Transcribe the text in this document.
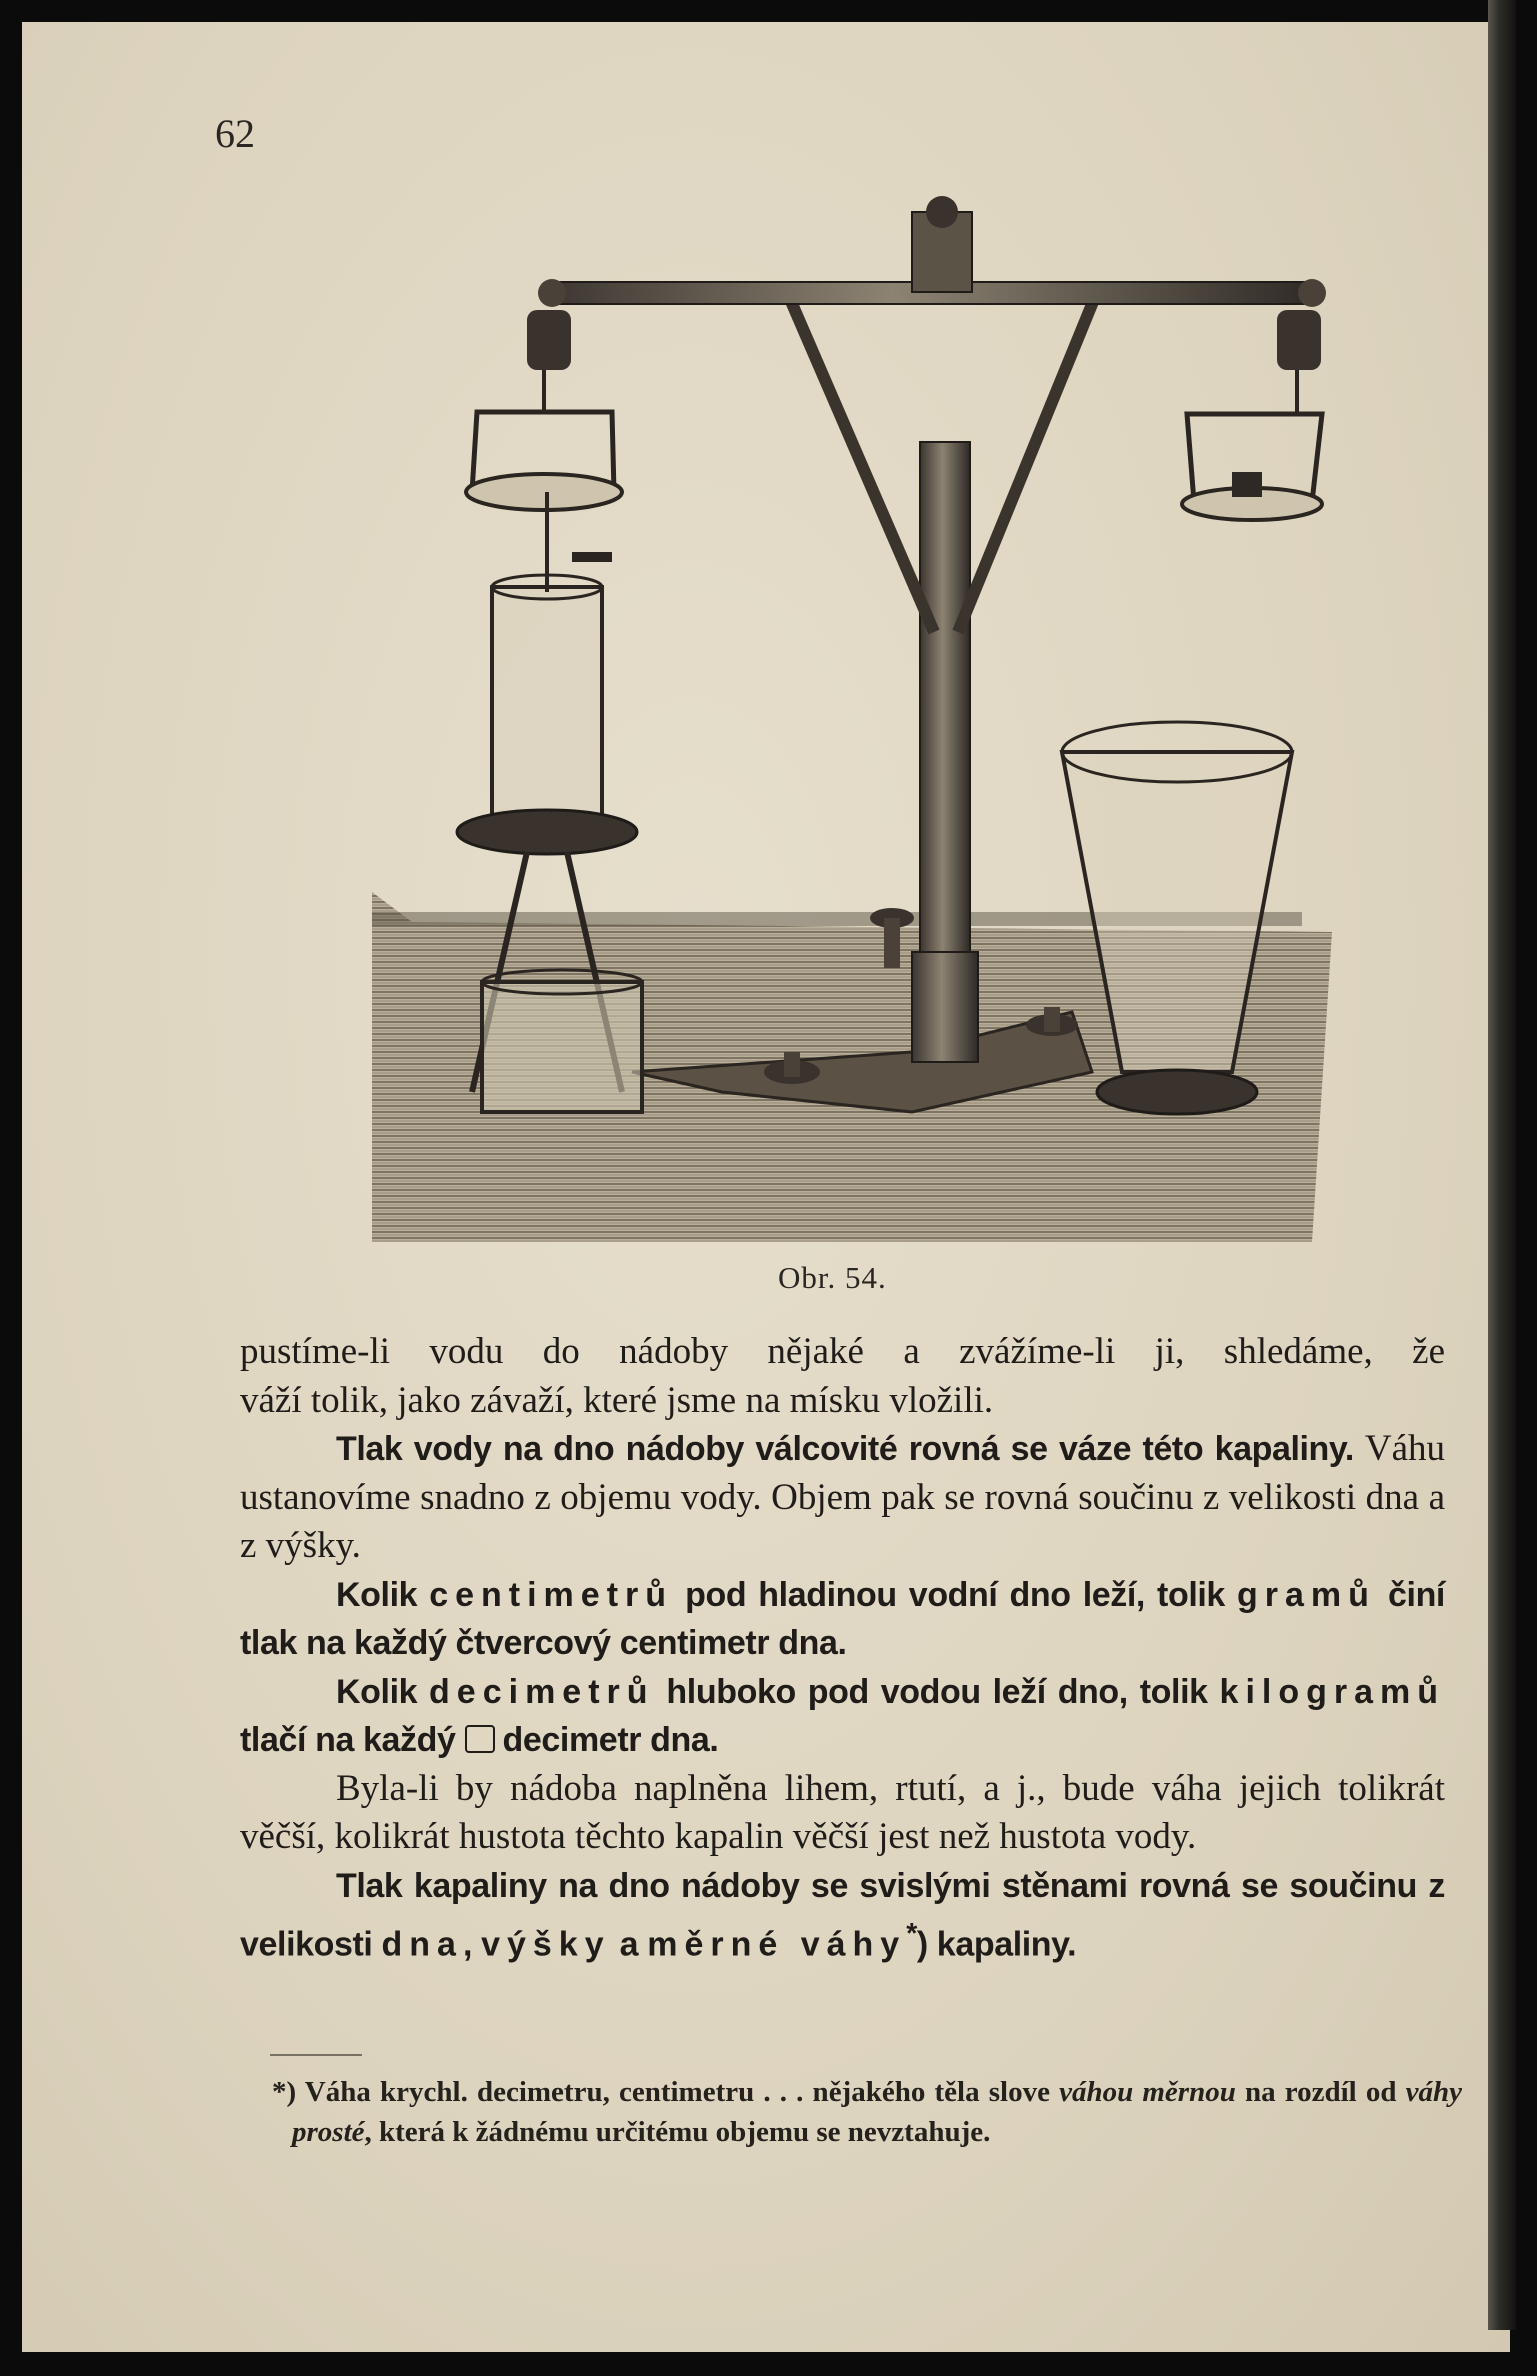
62
Obr. 54.

pustíme-li vodu do nádoby nějaké a zvážíme-li ji, shledáme, že

váží tolik, jako závaží, které jsme na mísku vložili.

Tlak vody na dno nádoby válcovité rovná se váze této kapaliny. Váhu ustanovíme snadno z objemu vody. Objem pak se rovná součinu z velikosti dna a z výšky.

Kolik centimetrů pod hladinou vodní dno leží, tolik gramů činí tlak na každý čtvercový centimetr dna.

Kolik decimetrů hluboko pod vodou leží dno, tolik kilogramů tlačí na každý decimetr dna.

Byla-li by nádoba naplněna lihem, rtutí, a j., bude váha jejich tolikrát věčší, kolikrát hustota těchto kapalin věčší jest než hustota vody.

Tlak kapaliny na dno nádoby se svislými stěnami rovná se součinu z velikosti dna, výšky a měrné váhy*) kapaliny.

*) Váha krychl. decimetru, centimetru . . . nějakého těla slove váhou měrnou na rozdíl od váhy prosté, která k žádnému určitému objemu se nevztahuje.
